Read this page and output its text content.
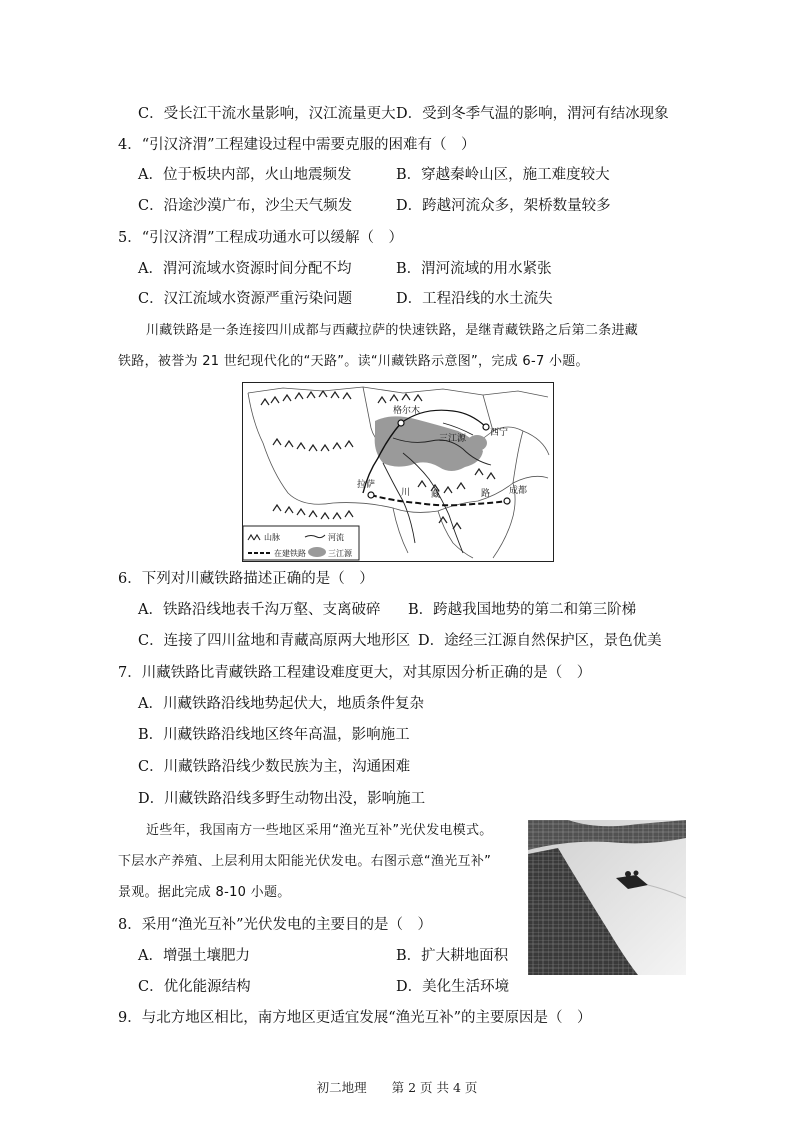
C．受长江干流水量影响，汉江流量更大 D．受到冬季气温的影响，渭河有结冰现象
4．“引汉济渭”工程建设过程中需要克服的困难有（　）
A．位于板块内部，火山地震频发	B．穿越秦岭山区，施工难度较大
C．沿途沙漠广布，沙尘天气频发	D．跨越河流众多，架桥数量较多
5．“引汉济渭”工程成功通水可以缓解（　）
A．渭河流域水资源时间分配不均	B．渭河流域的用水紧张
C．汉江流域水资源严重污染问题	D．工程沿线的水土流失
川藏铁路是一条连接四川成都与西藏拉萨的快速铁路，是继青藏铁路之后第二条进藏
铁路，被誉为 21 世纪现代化的“天路”。读“川藏铁路示意图”，完成 6-7 小题。
格尔木
西宁
三江源
拉萨
川 藏	路 成都
山脉	河流
在建铁路	三江源
6．下列对川藏铁路描述正确的是（　）
A．铁路沿线地表千沟万壑、支离破碎 B．跨越我国地势的第二和第三阶梯
C．连接了四川盆地和青藏高原两大地形区 D．途经三江源自然保护区，景色优美
7．川藏铁路比青藏铁路工程建设难度更大，对其原因分析正确的是（　）
A．川藏铁路沿线地势起伏大，地质条件复杂
B．川藏铁路沿线地区终年高温，影响施工
C．川藏铁路沿线少数民族为主，沟通困难
D．川藏铁路沿线多野生动物出没，影响施工
近些年，我国南方一些地区采用“渔光互补”光伏发电模式。
下层水产养殖、上层利用太阳能光伏发电。右图示意“渔光互补”
景观。据此完成 8-10 小题。
8．采用“渔光互补”光伏发电的主要目的是（　）
A．增强土壤肥力	B．扩大耕地面积
C．优化能源结构	D．美化生活环境
9．与北方地区相比，南方地区更适宜发展“渔光互补”的主要原因是（　）
初二地理　　第 2 页 共 4 页
